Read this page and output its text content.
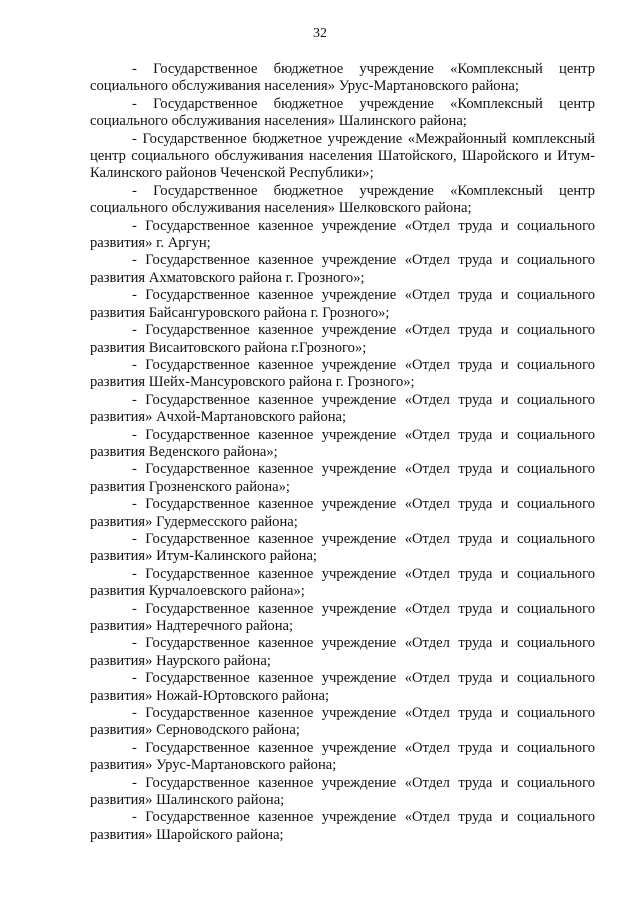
32

- Государственное бюджетное учреждение «Комплексный центр социального обслуживания населения» Урус-Мартановского района;

- Государственное бюджетное учреждение «Комплексный центр социального обслуживания населения» Шалинского района;

- Государственное бюджетное учреждение «Межрайонный комплексный центр социального обслуживания населения Шатойского, Шаройского и Итум-Калинского районов Чеченской Республики»;

- Государственное бюджетное учреждение «Комплексный центр социального обслуживания населения» Шелковского района;

- Государственное казенное учреждение «Отдел труда и социального развития» г. Аргун;

- Государственное казенное учреждение «Отдел труда и социального развития Ахматовского района г. Грозного»;

- Государственное казенное учреждение «Отдел труда и социального развития Байсангуровского района г. Грозного»;

- Государственное казенное учреждение «Отдел труда и социального развития Висаитовского района г.Грозного»;

- Государственное казенное учреждение «Отдел труда и социального развития Шейх-Мансуровского района г. Грозного»;

- Государственное казенное учреждение «Отдел труда и социального развития» Ачхой-Мартановского района;

- Государственное казенное учреждение «Отдел труда и социального развития Веденского района»;

- Государственное казенное учреждение «Отдел труда и социального развития Грозненского района»;

- Государственное казенное учреждение «Отдел труда и социального развития» Гудермесского района;

- Государственное казенное учреждение «Отдел труда и социального развития» Итум-Калинского района;

- Государственное казенное учреждение «Отдел труда и социального развития Курчалоевского района»;

- Государственное казенное учреждение «Отдел труда и социального развития» Надтеречного района;

- Государственное казенное учреждение «Отдел труда и социального развития» Наурского района;

- Государственное казенное учреждение «Отдел труда и социального развития» Ножай-Юртовского района;

- Государственное казенное учреждение «Отдел труда и социального развития» Серноводского района;

- Государственное казенное учреждение «Отдел труда и социального развития» Урус-Мартановского района;

- Государственное казенное учреждение «Отдел труда и социального развития» Шалинского района;

- Государственное казенное учреждение «Отдел труда и социального развития» Шаройского района;
